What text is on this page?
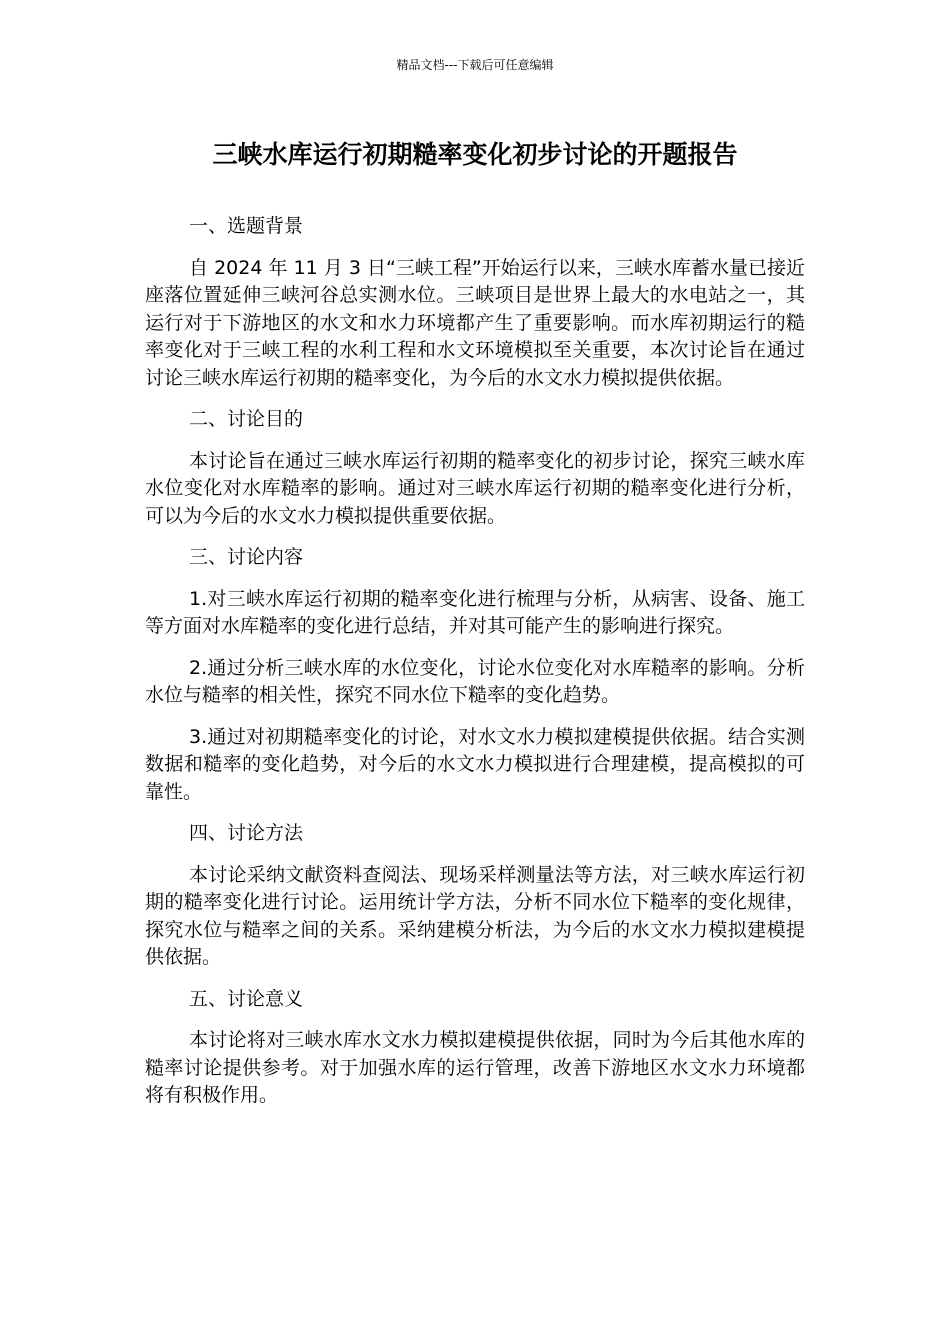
精品文档---下载后可任意编辑
三峡水库运行初期糙率变化初步讨论的开题报告

一、选题背景

自 2024 年 11 月 3 日“三峡工程”开始运行以来，三峡水库蓄水量已接近座落位置延伸三峡河谷总实测水位。三峡项目是世界上最大的水电站之一，其运行对于下游地区的水文和水力环境都产生了重要影响。而水库初期运行的糙率变化对于三峡工程的水利工程和水文环境模拟至关重要，本次讨论旨在通过讨论三峡水库运行初期的糙率变化，为今后的水文水力模拟提供依据。

二、讨论目的

本讨论旨在通过三峡水库运行初期的糙率变化的初步讨论，探究三峡水库水位变化对水库糙率的影响。通过对三峡水库运行初期的糙率变化进行分析，可以为今后的水文水力模拟提供重要依据。

三、讨论内容

1.对三峡水库运行初期的糙率变化进行梳理与分析，从病害、设备、施工等方面对水库糙率的变化进行总结，并对其可能产生的影响进行探究。

2.通过分析三峡水库的水位变化，讨论水位变化对水库糙率的影响。分析水位与糙率的相关性，探究不同水位下糙率的变化趋势。

3.通过对初期糙率变化的讨论，对水文水力模拟建模提供依据。结合实测数据和糙率的变化趋势，对今后的水文水力模拟进行合理建模，提高模拟的可靠性。

四、讨论方法

本讨论采纳文献资料查阅法、现场采样测量法等方法，对三峡水库运行初期的糙率变化进行讨论。运用统计学方法，分析不同水位下糙率的变化规律，探究水位与糙率之间的关系。采纳建模分析法，为今后的水文水力模拟建模提供依据。

五、讨论意义

本讨论将对三峡水库水文水力模拟建模提供依据，同时为今后其他水库的糙率讨论提供参考。对于加强水库的运行管理，改善下游地区水文水力环境都将有积极作用。
